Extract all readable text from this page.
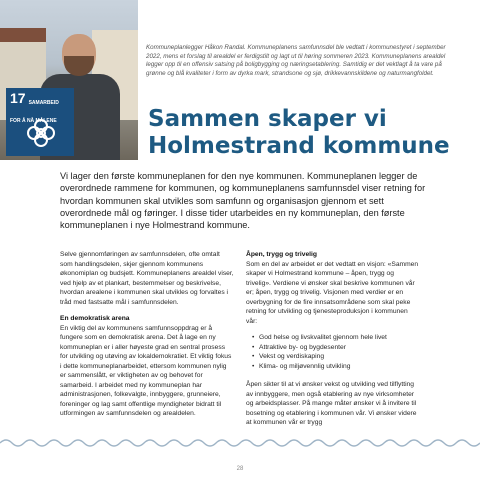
17 SAMARBEID FOR Å NÅ MÅLENE

Kommuneplanlegger Håkon Randal. Kommuneplanens samfunnsdel ble vedtatt i kommunestyret i september 2022, mens et forslag til arealdel er ferdigstilt og lagt ut til høring sommeren 2023. Kommuneplanens arealdel legger opp til en offensiv satsing på boligbygging og næringsetablering. Samtidig er det vektlagt å ta vare på grønne og blå kvaliteter i form av dyrka mark, strandsone og sjø, drikkevannskildene og naturmangfoldet.

Sammen skaper vi
Holmestrand kommune

Vi lager den første kommuneplanen for den nye kommunen. Kommuneplanen legger de overordnede rammene for kommunen, og kommuneplanens samfunnsdel viser retning for hvordan kommunen skal utvikles som samfunn og organisasjon gjennom et sett overordnede mål og føringer. I disse tider utarbeides en ny kommuneplan, den første kommuneplanen i nye Holmestrand kommune.

Selve gjennomføringen av samfunnsdelen, ofte omtalt som handlingsdelen, skjer gjennom kommunens økonomiplan og budsjett. Kommuneplanens arealdel viser, ved hjelp av et plankart, bestemmelser og beskrivelse, hvordan arealene i kommunen skal utvikles og forvaltes i tråd med fastsatte mål i samfunnsdelen.

En demokratisk arena

En viktig del av kommunens samfunnsoppdrag er å fungere som en demokratisk arena. Det å lage en ny kommuneplan er i aller høyeste grad en sentral prosess for utvikling og utøving av lokaldemokratiet. Et viktig fokus i dette kommuneplanarbeidet, ettersom kommunen nylig er sammenslått, er viktigheten av og behovet for samarbeid. I arbeidet med ny kommuneplan har administrasjonen, folkevalgte, innbyggere, grunneiere, foreninger og lag samt offentlige myndigheter bidratt til utformingen av samfunnsdelen og arealdelen.

Åpen, trygg og trivelig

Som en del av arbeidet er det vedtatt en visjon: «Sammen skaper vi Holmestrand kommune – åpen, trygg og trivelig». Verdiene vi ønsker skal beskrive kommunen vår er; åpen, trygg og trivelig. Visjonen med verdier er en overbygning for de fire innsatsområdene som skal peke retning for utvikling og tjenesteproduksjon i kommunen vår:

• God helse og livskvalitet gjennom hele livet
• Attraktive by- og bygdesenter
• Vekst og verdiskaping
• Klima- og miljøvennlig utvikling

Åpen sikter til at vi ønsker vekst og utvikling ved tilflytting av innbyggere, men også etablering av nye virksomheter og arbeidsplasser. På mange måter ønsker vi å invitere til bosetning og etablering i kommunen vår. Vi ønsker videre at kommunen vår er trygg

28
